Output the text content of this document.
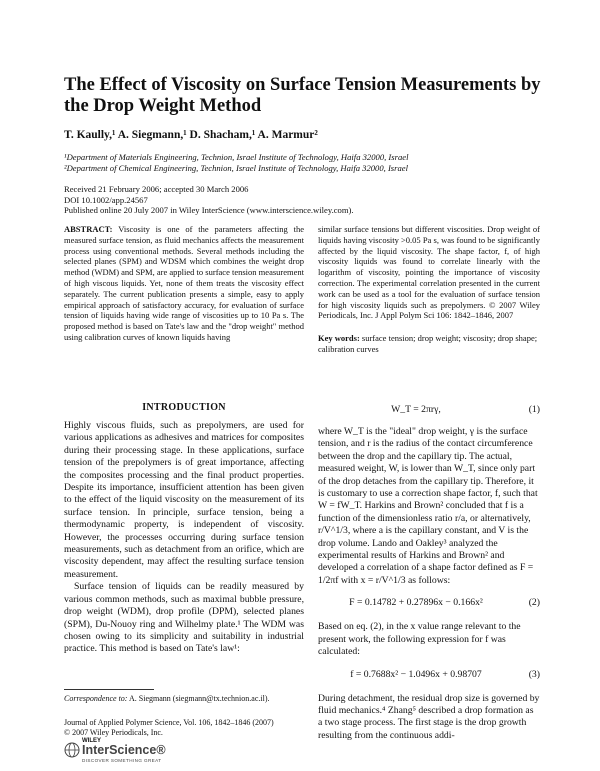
The Effect of Viscosity on Surface Tension Measurements by the Drop Weight Method
T. Kaully,¹ A. Siegmann,¹ D. Shacham,¹ A. Marmur²
¹Department of Materials Engineering, Technion, Israel Institute of Technology, Haifa 32000, Israel
²Department of Chemical Engineering, Technion, Israel Institute of Technology, Haifa 32000, Israel
Received 21 February 2006; accepted 30 March 2006
DOI 10.1002/app.24567
Published online 20 July 2007 in Wiley InterScience (www.interscience.wiley.com).
ABSTRACT: Viscosity is one of the parameters affecting the measured surface tension, as fluid mechanics affects the measurement process using conventional methods. Several methods including the selected planes (SPM) and WDSM which combines the weight drop method (WDM) and SPM, are applied to surface tension measurement of high viscous liquids. Yet, none of them treats the viscosity effect separately. The current publication presents a simple, easy to apply empirical approach of satisfactory accuracy, for evaluation of surface tension of liquids having wide range of viscosities up to 10 Pa s. The proposed method is based on Tate's law and the "drop weight" method using calibration curves of known liquids having
similar surface tensions but different viscosities. Drop weight of liquids having viscosity >0.05 Pa s, was found to be significantly affected by the liquid viscosity. The shape factor, f, of high viscosity liquids was found to correlate linearly with the logarithm of viscosity, pointing the importance of viscosity correction. The experimental correlation presented in the current work can be used as a tool for the evaluation of surface tension for high viscosity liquids such as prepolymers. © 2007 Wiley Periodicals, Inc. J Appl Polym Sci 106: 1842–1846, 2007
Key words: surface tension; drop weight; viscosity; drop shape; calibration curves
INTRODUCTION

Highly viscous fluids, such as prepolymers, are used for various applications as adhesives and matrices for composites during their processing stage. In these applications, surface tension of the prepolymers is of great importance, affecting the composites processing and the final product properties. Despite its importance, insufficient attention has been given to the effect of the liquid viscosity on the measurement of its surface tension. In principle, surface tension, being a thermodynamic property, is independent of viscosity. However, the processes occurring during surface tension measurements, such as detachment from an orifice, which are viscosity dependent, may affect the resulting surface tension measurement.

Surface tension of liquids can be readily measured by various common methods, such as maximal bubble pressure, drop weight (WDM), drop profile (DPM), selected planes (SPM), Du-Nouoy ring and Wilhelmy plate.¹ The WDM was chosen owing to its simplicity and suitability in industrial practice. This method is based on Tate's law¹:

W_T = 2πrγ,	(1)

where W_T is the "ideal" drop weight, γ is the surface tension, and r is the radius of the contact circumference between the drop and the capillary tip. The actual, measured weight, W, is lower than W_T, since only part of the drop detaches from the capillary tip. Therefore, it is customary to use a correction shape factor, f, such that W = fW_T. Harkins and Brown² concluded that f is a function of the dimensionless ratio r/a, or alternatively, r/V^1/3, where a is the capillary constant, and V is the drop volume. Lando and Oakley³ analyzed the experimental results of Harkins and Brown² and developed a correlation of a shape factor defined as F = 1/2πf with x = r/V^1/3 as follows:

F = 0.14782 + 0.27896x − 0.166x²	(2)

Based on eq. (2), in the x value range relevant to the present work, the following expression for f was calculated:

f = 0.7688x² − 1.0496x + 0.98707	(3)

During detachment, the residual drop size is governed by fluid mechanics.⁴ Zhang⁵ described a drop formation as a two stage process. The first stage is the drop growth resulting from the continuous addi-

Correspondence to: A. Siegmann (siegmann@tx.technion.ac.il).
Journal of Applied Polymer Science, Vol. 106, 1842–1846 (2007)
© 2007 Wiley Periodicals, Inc.
WILEY
InterScience®
DISCOVER SOMETHING GREAT
